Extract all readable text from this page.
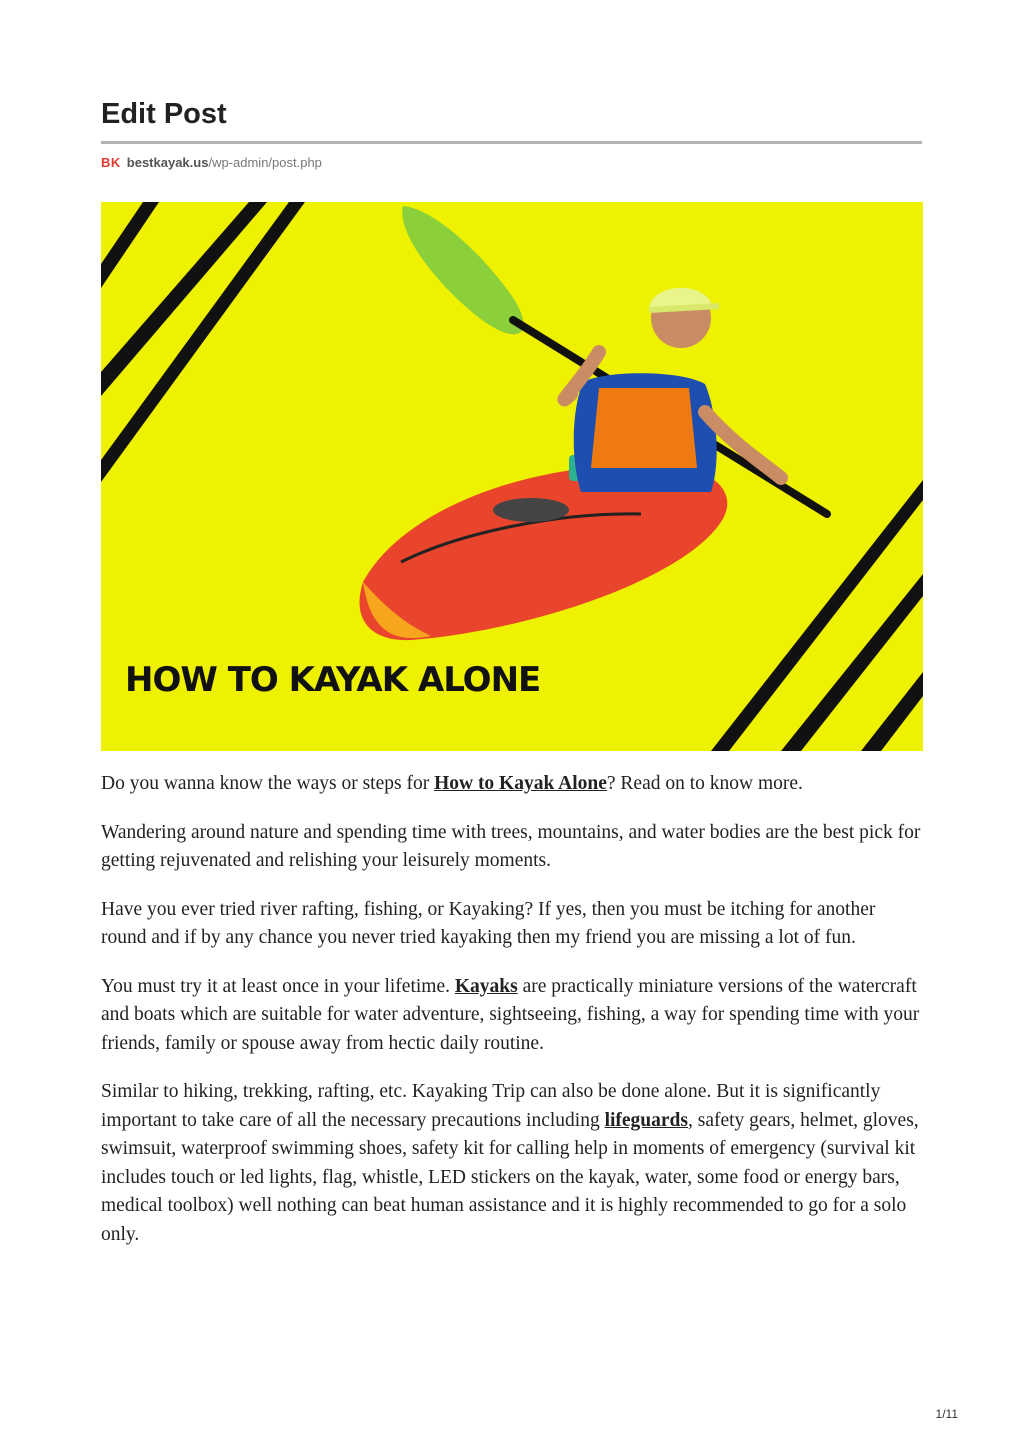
Edit Post
BK bestkayak.us /wp-admin/post.php
HOW TO KAYAK ALONE

Do you wanna know the ways or steps for How to Kayak Alone? Read on to know more.

Wandering around nature and spending time with trees, mountains, and water bodies are the best pick for getting rejuvenated and relishing your leisurely moments.

Have you ever tried river rafting, fishing, or Kayaking? If yes, then you must be itching for another round and if by any chance you never tried kayaking then my friend you are missing a lot of fun.

You must try it at least once in your lifetime. Kayaks are practically miniature versions of the watercraft and boats which are suitable for water adventure, sightseeing, fishing, a way for spending time with your friends, family or spouse away from hectic daily routine.

Similar to hiking, trekking, rafting, etc. Kayaking Trip can also be done alone. But it is significantly important to take care of all the necessary precautions including lifeguards, safety gears, helmet, gloves, swimsuit, waterproof swimming shoes, safety kit for calling help in moments of emergency (survival kit includes touch or led lights, flag, whistle, LED stickers on the kayak, water, some food or energy bars, medical toolbox) well nothing can beat human assistance and it is highly recommended to go for a solo only.

1/11
